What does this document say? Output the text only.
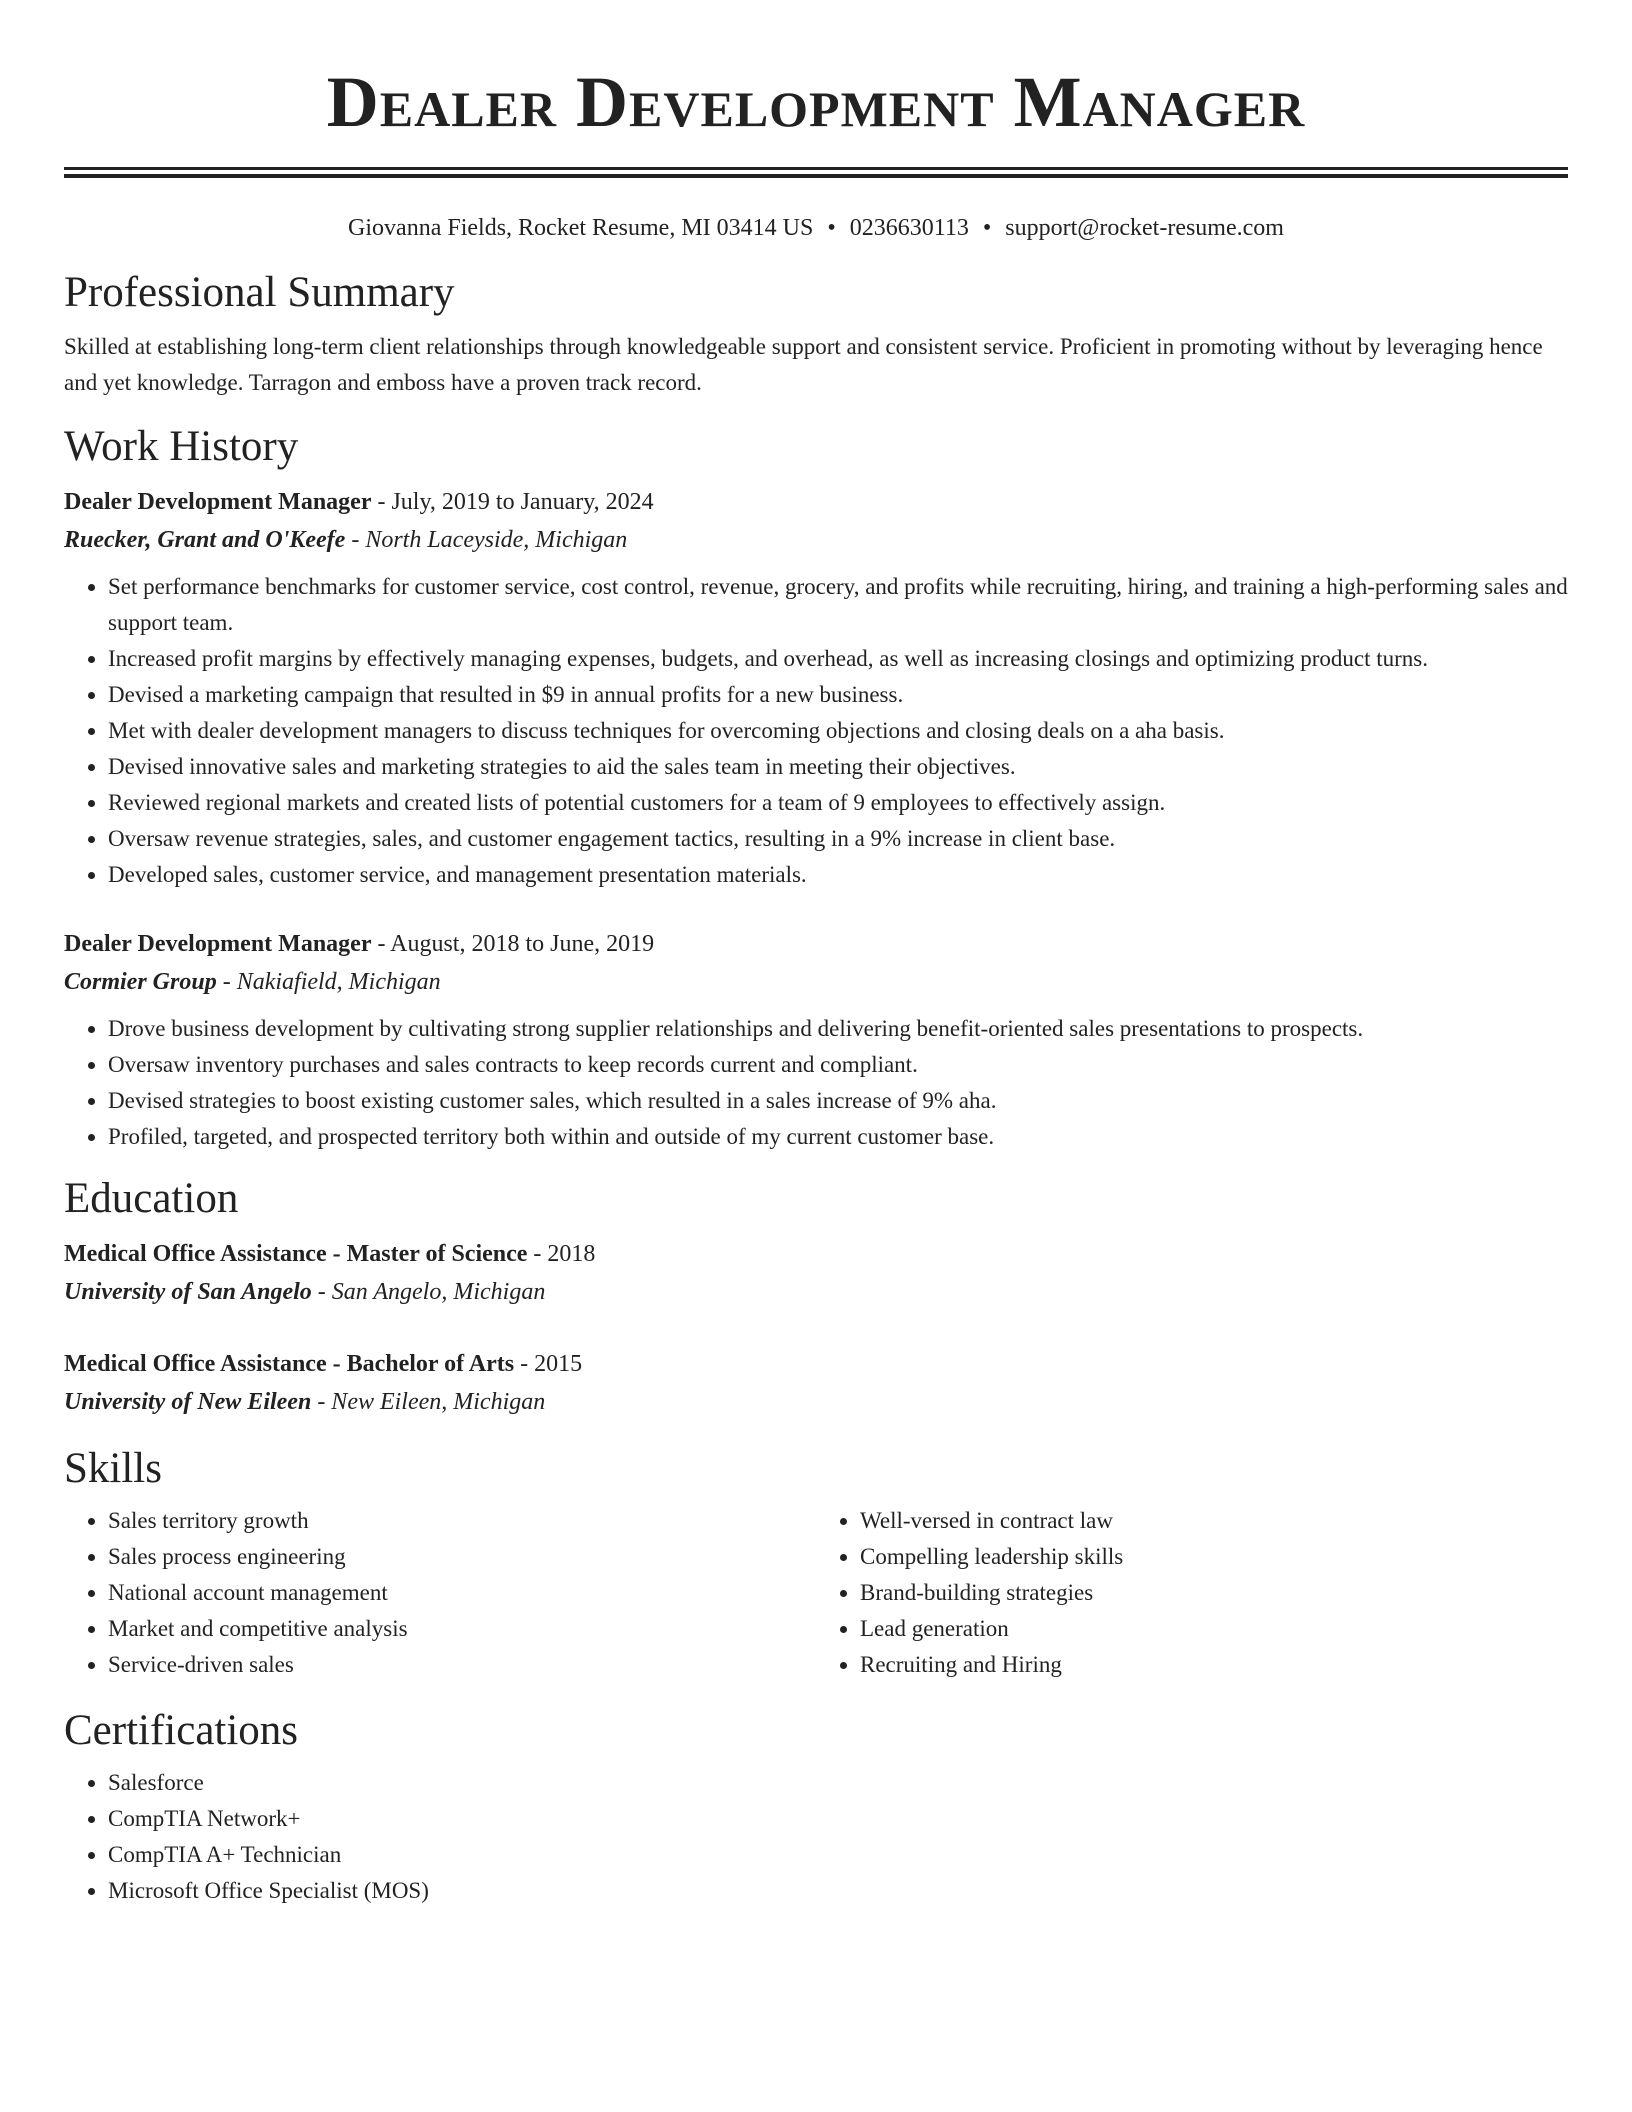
Dealer Development Manager
Giovanna Fields, Rocket Resume, MI 03414 US • 0236630113 • support@rocket-resume.com
Professional Summary

Skilled at establishing long-term client relationships through knowledgeable support and consistent service. Proficient in promoting without by leveraging hence and yet knowledge. Tarragon and emboss have a proven track record.

Work History

Dealer Development Manager - July, 2019 to January, 2024

Ruecker, Grant and O'Keefe - North Laceyside, Michigan

• Set performance benchmarks for customer service, cost control, revenue, grocery, and profits while recruiting, hiring, and training a high-performing sales and support team.
• Increased profit margins by effectively managing expenses, budgets, and overhead, as well as increasing closings and optimizing product turns.
• Devised a marketing campaign that resulted in $9 in annual profits for a new business.
• Met with dealer development managers to discuss techniques for overcoming objections and closing deals on a aha basis.
• Devised innovative sales and marketing strategies to aid the sales team in meeting their objectives.
• Reviewed regional markets and created lists of potential customers for a team of 9 employees to effectively assign.
• Oversaw revenue strategies, sales, and customer engagement tactics, resulting in a 9% increase in client base.
• Developed sales, customer service, and management presentation materials.

Dealer Development Manager - August, 2018 to June, 2019

Cormier Group - Nakiafield, Michigan

• Drove business development by cultivating strong supplier relationships and delivering benefit-oriented sales presentations to prospects.
• Oversaw inventory purchases and sales contracts to keep records current and compliant.
• Devised strategies to boost existing customer sales, which resulted in a sales increase of 9% aha.
• Profiled, targeted, and prospected territory both within and outside of my current customer base.
Education

Medical Office Assistance - Master of Science - 2018

University of San Angelo - San Angelo, Michigan

Medical Office Assistance - Bachelor of Arts - 2015

University of New Eileen - New Eileen, Michigan

Skills
• Sales territory growth
• Sales process engineering
• National account management
• Market and competitive analysis
• Service-driven sales
• Well-versed in contract law
• Compelling leadership skills
• Brand-building strategies
• Lead generation
• Recruiting and Hiring
Certifications
• Salesforce
• CompTIA Network+
• CompTIA A+ Technician
• Microsoft Office Specialist (MOS)
